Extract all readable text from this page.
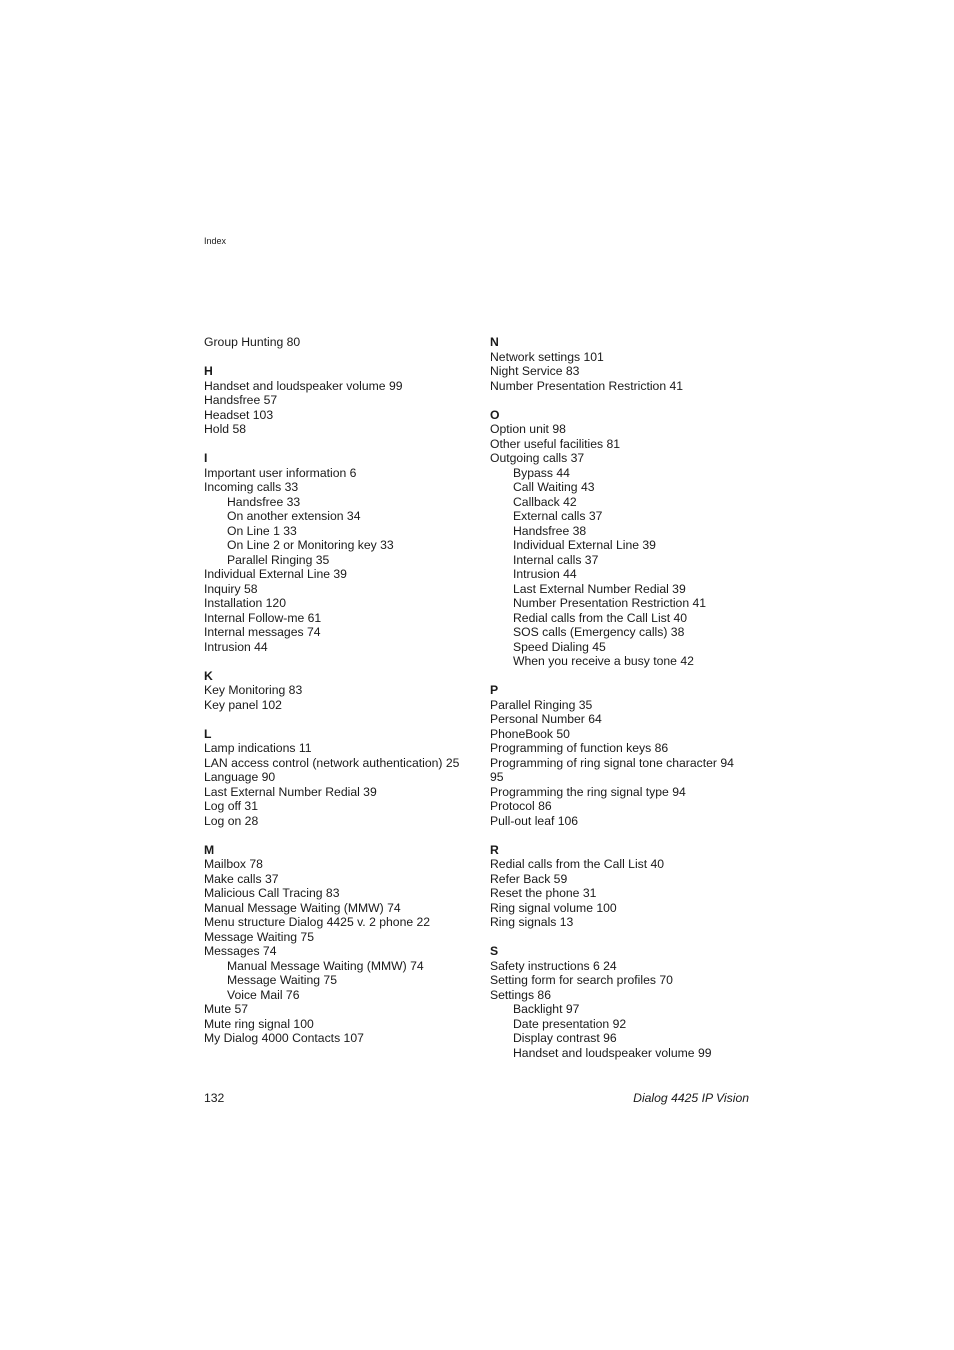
Index
Group Hunting 80
H
Handset and loudspeaker volume 99
Handsfree 57
Headset 103
Hold 58
I
Important user information 6
Incoming calls 33
Handsfree 33
On another extension 34
On Line 1 33
On Line 2 or Monitoring key 33
Parallel Ringing 35
Individual External Line 39
Inquiry 58
Installation 120
Internal Follow-me 61
Internal messages 74
Intrusion 44
K
Key Monitoring 83
Key panel 102
L
Lamp indications 11
LAN access control (network authentication) 25
Language 90
Last External Number Redial 39
Log off 31
Log on 28
M
Mailbox 78
Make calls 37
Malicious Call Tracing 83
Manual Message Waiting (MMW) 74
Menu structure Dialog 4425 v. 2 phone 22
Message Waiting 75
Messages 74
Manual Message Waiting (MMW) 74
Message Waiting 75
Voice Mail 76
Mute 57
Mute ring signal 100
My Dialog 4000 Contacts 107
N
Network settings 101
Night Service 83
Number Presentation Restriction 41
O
Option unit 98
Other useful facilities 81
Outgoing calls 37
Bypass 44
Call Waiting 43
Callback 42
External calls 37
Handsfree 38
Individual External Line 39
Internal calls 37
Intrusion 44
Last External Number Redial 39
Number Presentation Restriction 41
Redial calls from the Call List 40
SOS calls (Emergency calls) 38
Speed Dialing 45
When you receive a busy tone 42
P
Parallel Ringing 35
Personal Number 64
PhoneBook 50
Programming of function keys 86
Programming of ring signal tone character 94
95
Programming the ring signal type 94
Protocol 86
Pull-out leaf 106
R
Redial calls from the Call List 40
Refer Back 59
Reset the phone 31
Ring signal volume 100
Ring signals 13
S
Safety instructions 6 24
Setting form for search profiles 70
Settings 86
Backlight 97
Date presentation 92
Display contrast 96
Handset and loudspeaker volume 99
132	Dialog 4425 IP Vision
